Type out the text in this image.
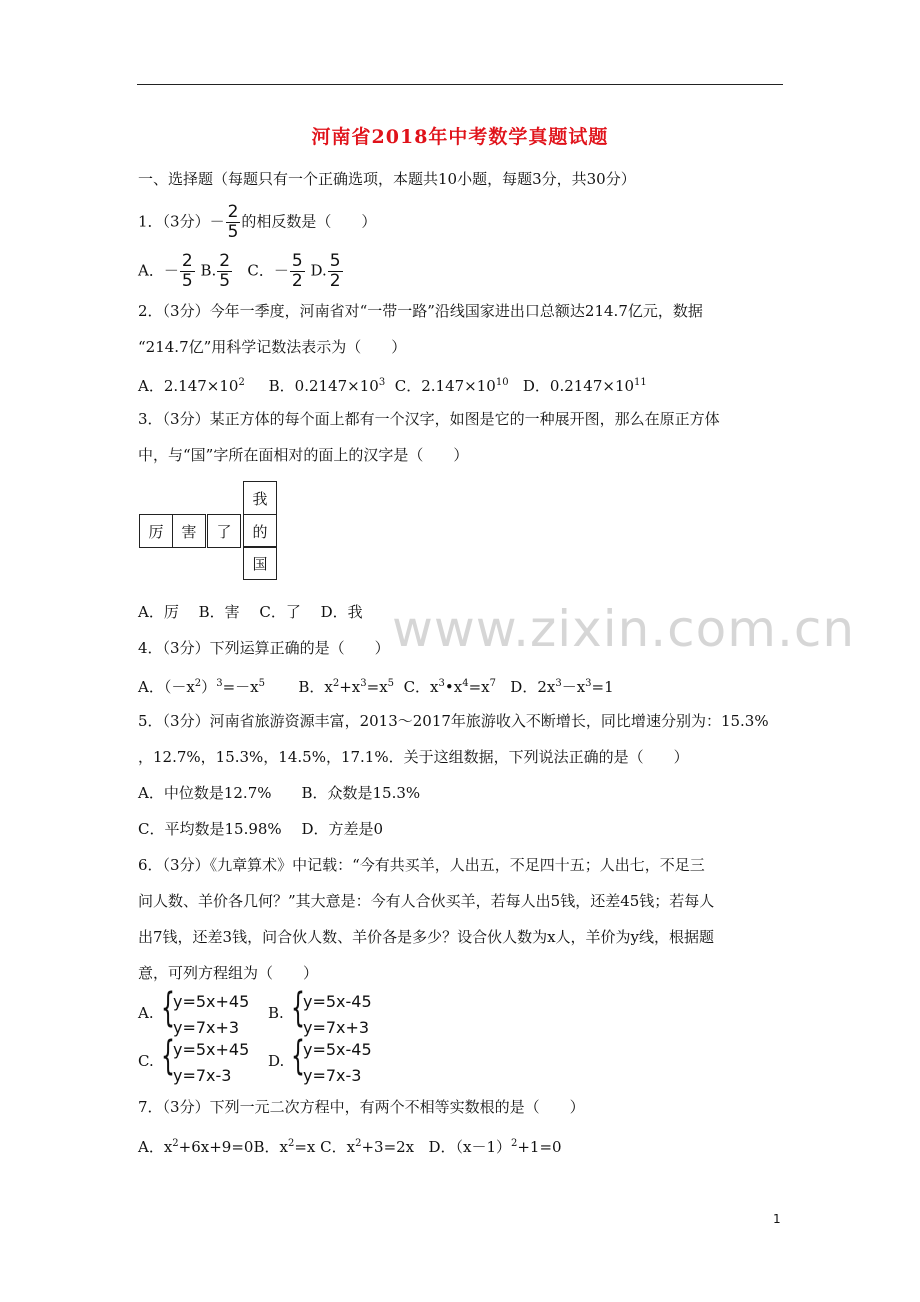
河南省2018年中考数学真题试题
一、选择题（每题只有一个正确选项，本题共10小题，每题3分，共30分）
1．（3分）－ $\frac{2}{5}$ 的相反数是（　　）
A．－ $\frac{2}{5} B$. $\frac{2}{5}$ C．－ $\frac{5}{2} D$. $\frac{5}{2}$
2．（3分）今年一季度，河南省对“一带一路”沿线国家进出口总额达214.7亿元，数据
“214.7亿”用科学记数法表示为（　　）
A．$2.147\times 10^2$ B．$0.2147\times 10^3$ C．$2.147\times 10^{10}$ D．$0.2147\times 10^{11}$
3．（3分）某正方体的每个面上都有一个汉字，如图是它的一种展开图，那么在原正方体
中，与“国”字所在面相对的面上的汉字是（　　）
我
厉	害	了	的
国
A．厉　 B．害　 C．了　 D．我 www.zixin.com.cn
4．（3分）下列运算正确的是（　　）
A．$(-x^2)^3=-x^5$ B．$x^2+x^3=x^5$ C．$x^3•x^4=x^7$ D．$2x^3-x^3=1$
5．（3分）河南省旅游资源丰富，2013～2017年旅游收入不断增长，同比增速分别为：15.3%
，12.7%，15.3%，14.5%，17.1%．关于这组数据，下列说法正确的是（　　）
A．中位数是12.7%　　B．众数是15.3%
C．平均数是15.98%　 D．方差是0
6．（3分）《九章算术》中记载：“今有共买羊，人出五，不足四十五；人出七，不足三
问人数、羊价各几何？”其大意是：今有人合伙买羊，若每人出5钱，还差45钱；若每人
出7钱，还差3钱，问合伙人数、羊价各是多少？设合伙人数为x人，羊价为y线，根据题
意，可列方程组为（　　）
A. {
y=5x+45
y=7x+3
B. {
y=5x-45
y=7x+3
C. {
y=5x+45
y=7x-3
D. {
y=5x-45
y=7x-3
7．（3分）下列一元二次方程中，有两个不相等实数根的是（　　）
A．$x^2+6x+9=0B$．$x^2=x$ C．$x^2+3=2x$ D．$(x-1)^2+1=0$
1
